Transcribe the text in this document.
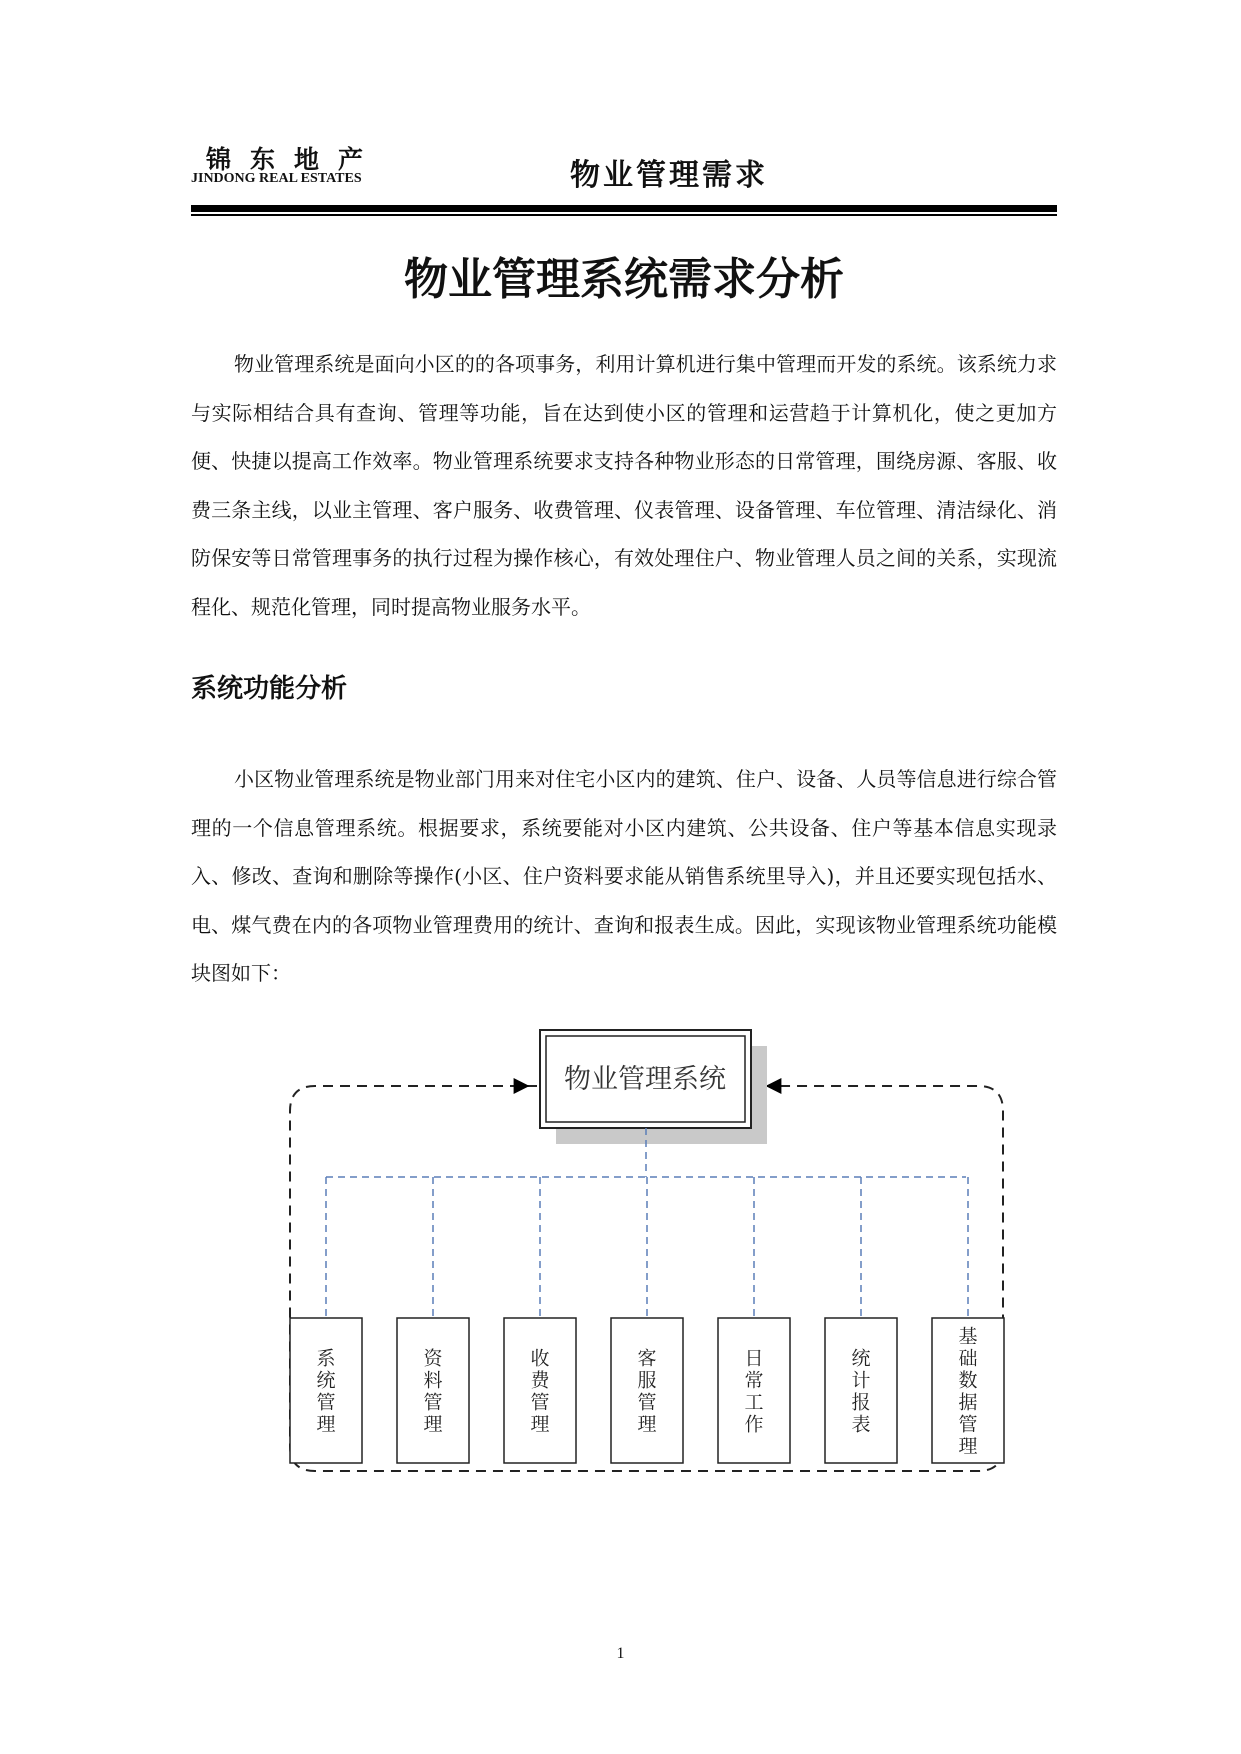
锦东地产
JINDONG REAL ESTATES	物业管理需求
物业管理系统需求分析

物业管理系统是面向小区的的各项事务，利用计算机进行集中管理而开发的系统。该系统力求与实际相结合具有查询、管理等功能，旨在达到使小区的管理和运营趋于计算机化，使之更加方便、快捷以提高工作效率。物业管理系统要求支持各种物业形态的日常管理，围绕房源、客服、收费三条主线，以业主管理、客户服务、收费管理、仪表管理、设备管理、车位管理、清洁绿化、消防保安等日常管理事务的执行过程为操作核心，有效处理住户、物业管理人员之间的关系，实现流程化、规范化管理，同时提高物业服务水平。

系统功能分析

小区物业管理系统是物业部门用来对住宅小区内的建筑、住户、设备、人员等信息进行综合管理的一个信息管理系统。根据要求，系统要能对小区内建筑、公共设备、住户等基本信息实现录入、修改、查询和删除等操作(小区、住户资料要求能从销售系统里导入)，并且还要实现包括水、电、煤气费在内的各项物业管理费用的统计、查询和报表生成。因此，实现该物业管理系统功能模块图如下：

物业管理系统
系统管理
资料管理
收费管理
客服管理
日常工作
统计报表
基础数据管理
1
